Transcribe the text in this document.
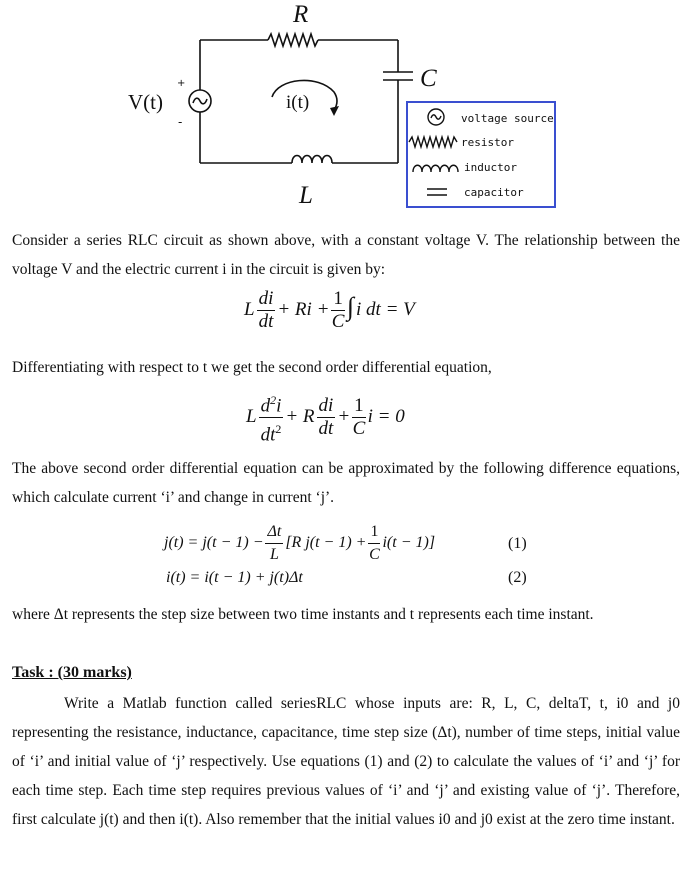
R
C
L
V(t)	i(t)
+
-	voltage source
resistor
inductor
capacitor
Consider a series RLC circuit as shown above, with a constant voltage V. The relationship between the voltage V and the electric current i in the circuit is given by:
L $\frac{di}{dt} + Ri + \frac{1}{C}$ ∫ i dt = V
Differentiating with respect to t we get the second order differential equation,
L $\frac{d^2i}{dt^2} + R \frac{di}{dt} + \frac{1}{C}$ i = 0
The above second order differential equation can be approximated by the following difference equations, which calculate current ‘i’ and change in current ‘j’.
$j(t) = j(t - 1) - \frac{\Delta t}{L} [R$ $j(t - 1) + \frac{1}{C} i(t - 1)$]	(1)
i(t) = i(t − 1) + j(t)Δt	(2)
where Δt represents the step size between two time instants and t represents each time instant.
Task : (30 marks)
Write a Matlab function called seriesRLC whose inputs are: R, L, C, deltaT, t, i0 and j0 representing the resistance, inductance, capacitance, time step size (Δt), number of time steps, initial value of ‘i’ and initial value of ‘j’ respectively. Use equations (1) and (2) to calculate the values of ‘i’ and ‘j’ for each time step. Each time step requires previous values of ‘i’ and ‘j’ and existing value of ‘j’. Therefore, first calculate j(t) and then i(t). Also remember that the initial values i0 and j0 exist at the zero time instant.
